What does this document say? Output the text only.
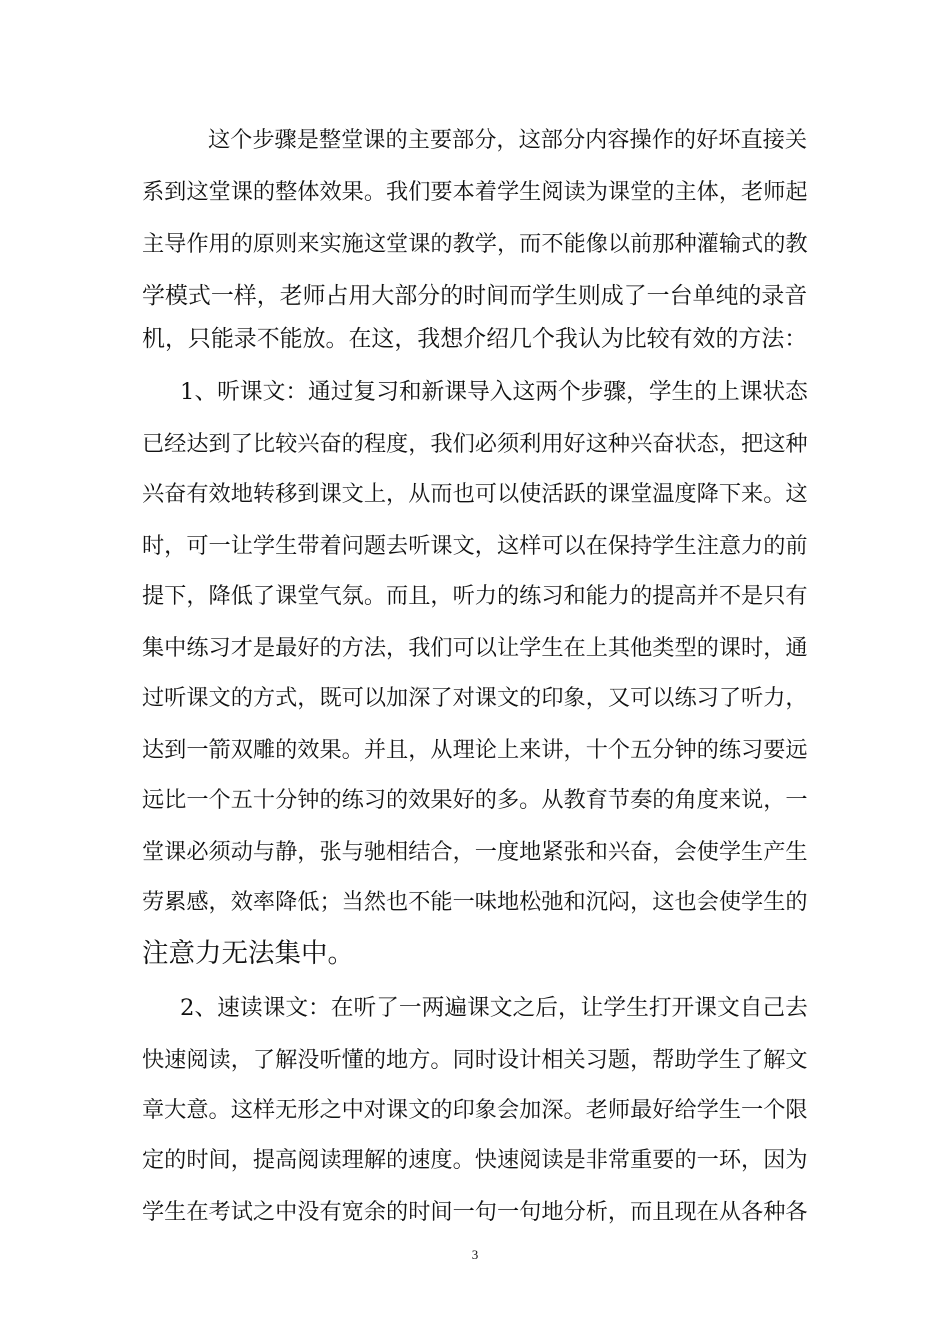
这个步骤是整堂课的主要部分，这部分内容操作的好坏直接关
系到这堂课的整体效果。我们要本着学生阅读为课堂的主体，老师起
主导作用的原则来实施这堂课的教学，而不能像以前那种灌输式的教
学模式一样，老师占用大部分的时间而学生则成了一台单纯的录音
机，只能录不能放。在这，我想介绍几个我认为比较有效的方法：
1、听课文：通过复习和新课导入这两个步骤，学生的上课状态
已经达到了比较兴奋的程度，我们必须利用好这种兴奋状态，把这种
兴奋有效地转移到课文上，从而也可以使活跃的课堂温度降下来。这
时，可一让学生带着问题去听课文，这样可以在保持学生注意力的前
提下，降低了课堂气氛。而且，听力的练习和能力的提高并不是只有
集中练习才是最好的方法，我们可以让学生在上其他类型的课时，通
过听课文的方式，既可以加深了对课文的印象，又可以练习了听力，
达到一箭双雕的效果。并且，从理论上来讲，十个五分钟的练习要远
远比一个五十分钟的练习的效果好的多。从教育节奏的角度来说，一
堂课必须动与静，张与驰相结合，一度地紧张和兴奋，会使学生产生
劳累感，效率降低；当然也不能一味地松弛和沉闷，这也会使学生的
注意力无法集中。
2、速读课文：在听了一两遍课文之后，让学生打开课文自己去
快速阅读，了解没听懂的地方。同时设计相关习题，帮助学生了解文
章大意。这样无形之中对课文的印象会加深。老师最好给学生一个限
定的时间，提高阅读理解的速度。快速阅读是非常重要的一环，因为
学生在考试之中没有宽余的时间一句一句地分析，而且现在从各种各
3
